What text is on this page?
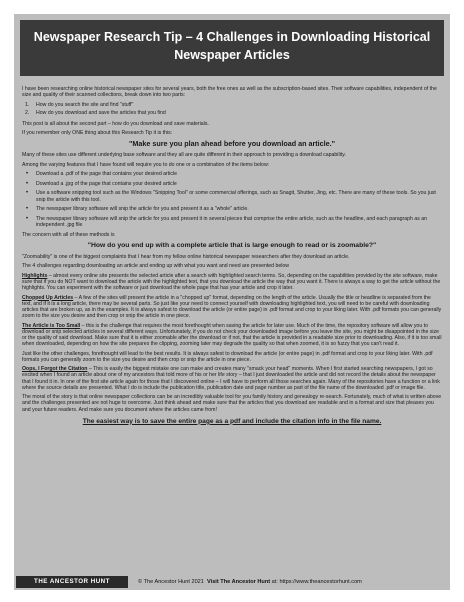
Newspaper Research Tip – 4 Challenges in Downloading Historical
Newspaper Articles
I have been researching online historical newspaper sites for several years, both the free ones as well as the subscription-based sites. Their software capabilities, independent of the size and quality of their scanned collections, break down into two parts:
1.	How do you search the site and find "stuff"
2.	How do you download and save the articles that you find
This post is all about the second part – how do you download and save materials.
If you remember only ONE thing about this Research Tip it is this:
"Make sure you plan ahead before you download an article."
Many of these sites use different underlying base software and they all are quite different in their approach to providing a download capability.
Among the varying features that I have found will require you to do one or a combination of the items below:
•	Download a .pdf of the page that contains your desired article
•	Download a .jpg of the page that contains your desired article
•	Use a software snipping tool such as the Windows "Snipping Tool" or some commercial offerings, such as Snagit, Shutter, Jing, etc. There are many of these tools. So you just snip the article with this tool.
•	The newspaper library software will snip the article for you and present it as a "whole" article.
•	The newspaper library software will snip the article for you and present it in several pieces that comprise the entire article, such as the headline, and each paragraph as an independent .jpg file
The concern with all of these methods is
"How do you end up with a complete article that is large enough to read or is zoomable?"
"Zoomability" is one of the biggest complaints that I hear from my fellow online historical newspaper researchers after they download an article.
The 4 challenges regarding downloading an article and ending up with what you want and need are presented below
Highlights – almost every online site presents the selected article after a search with highlighted search terms. So, depending on the capabilities provided by the site software, make sure that if you do NOT want to download the article with the highlighted text, that you download the article the way that you want it. There is always a way to get the article without the highlights. You can experiment with the software or just download the whole page that has your article and crop it later.
Chopped Up Articles – A few of the sites will present the article in a "chopped up" format, depending on the length of the article. Usually the title or headline is separated from the text, and if it is a long article, there may be several parts. So just like your need to connect yourself with downloading highlighted text, you will need to be careful with downloading articles that are broken up, as in the examples. It is always safest to download the article (or entire page) in .pdf format and crop to your liking later. With .pdf formats you can generally zoom to the size you desire and then crop or snip the article in one piece.
The Article is Too Small – this is the challenge that requires the most forethought when saving the article for later use. Much of the time, the repository software will allow you to download or snip selected articles in several different ways. Unfortunately, if you do not check your downloaded image before you leave the site, you might be disappointed in the size or the quality of said download. Make sure that it is either zoomable after the download or if not, that the article is provided in a readable size prior to downloading. Also, if it is too small when downloaded, depending on how the site prepares the clipping, zooming later may degrade the quality so that when zoomed, it is so fuzzy that you can't read it.
Just like the other challenges, forethought will lead to the best results. It is always safest to download the article (or entire page) in .pdf format and crop to your liking later. With .pdf formats you can generally zoom to the size you desire and then crop or snip the article in one piece.
Oops, I Forgot the Citation – This is easily the biggest mistake one can make and creates many "smack your head" moments. When I first started searching newspapers, I got so excited when I found an article about one of my ancestors that told more of his or her life story – that I just downloaded the article and did not record the details about the newspaper that I found it in. In one of the first site article again for those that I discovered online – I will have to perform all those searches again. Many of the repositories have a function or a link where the source details are presented. What I do is include the publication title, publication date and page number as part of the file name of the downloaded .pdf or image file.
The moral of the story is that online newspaper collections can be an incredibly valuable tool for you family history and genealogy re-search. Fortunately, much of what is written above and the challenges presented are not huge to overcome. Just think ahead and make sure that the articles that you download are readable and in a format and size that pleases you and your future readers. And make sure you document where the articles came from!
The easiest way is to save the entire page as a pdf and include the citation info in the file name.
THE ANCESTOR HUNT	© The Ancestor Hunt 2021 Visit The Ancestor Hunt at: https://www.theancestorhunt.com
